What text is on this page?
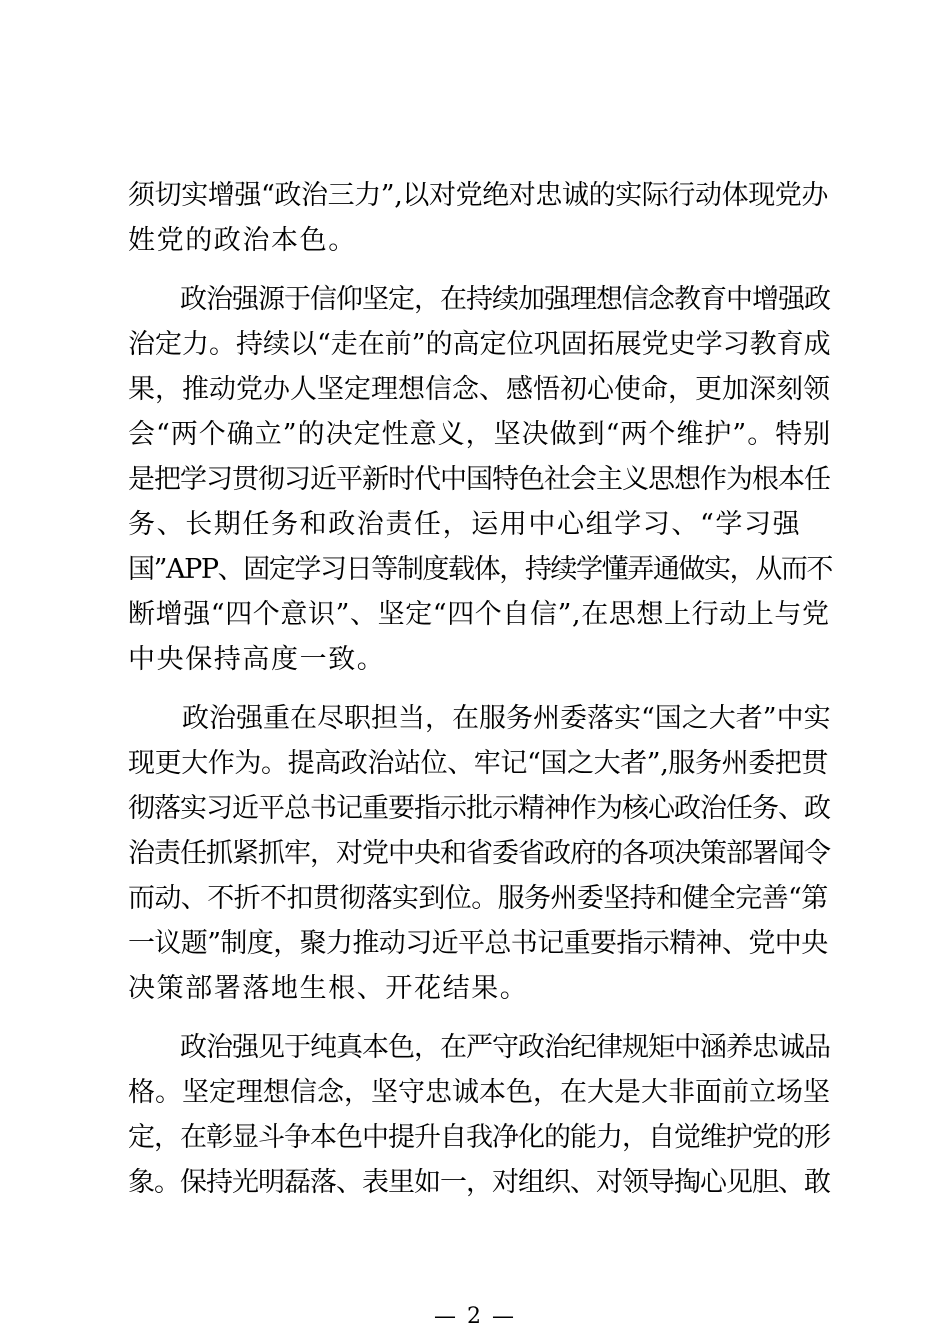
须切实增强“政治三力”,以对党绝对忠诚的实际行动体现党办
姓党的政治本色。
　　政治强源于信仰坚定，在持续加强理想信念教育中增强政
治定力。持续以“走在前”的高定位巩固拓展党史学习教育成
果，推动党办人坚定理想信念、感悟初心使命，更加深刻领
会“两个确立”的决定性意义，坚决做到“两个维护”。特别
是把学习贯彻习近平新时代中国特色社会主义思想作为根本任
务、长期任务和政治责任，运用中心组学习、“学习强
国”APP、固定学习日等制度载体，持续学懂弄通做实，从而不
断增强“四个意识”、坚定“四个自信”,在思想上行动上与党
中央保持高度一致。
　　政治强重在尽职担当，在服务州委落实“国之大者”中实
现更大作为。提高政治站位、牢记“国之大者”,服务州委把贯
彻落实习近平总书记重要指示批示精神作为核心政治任务、政
治责任抓紧抓牢，对党中央和省委省政府的各项决策部署闻令
而动、不折不扣贯彻落实到位。服务州委坚持和健全完善“第
一议题”制度，聚力推动习近平总书记重要指示精神、党中央
决策部署落地生根、开花结果。
　　政治强见于纯真本色，在严守政治纪律规矩中涵养忠诚品
格。坚定理想信念，坚守忠诚本色，在大是大非面前立场坚
定，在彰显斗争本色中提升自我净化的能力，自觉维护党的形
象。保持光明磊落、表里如一，对组织、对领导掏心见胆、敢
— 2 —
